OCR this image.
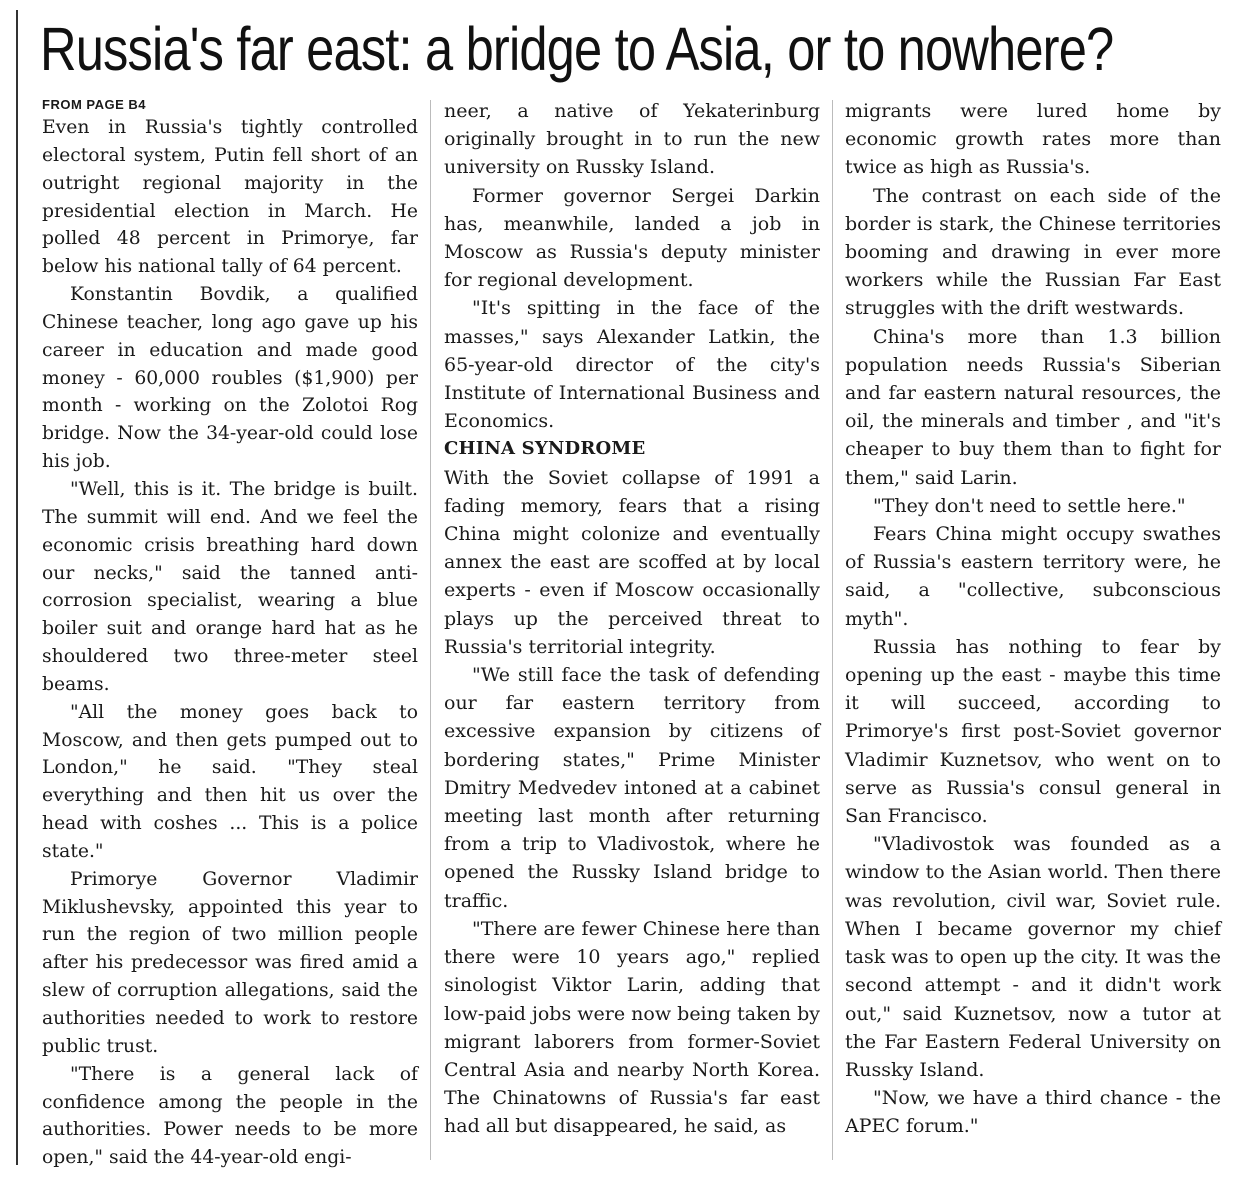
Russia's far east: a bridge to Asia, or to nowhere?
FROM PAGE B4

Even in Russia's tightly controlled electoral system, Putin fell short of an outright regional majority in the presidential election in March. He polled 48 percent in Primorye, far below his national tally of 64 percent.

Konstantin Bovdik, a qualified Chinese teacher, long ago gave up his career in education and made good money - 60,000 roubles ($1,900) per month - working on the Zolotoi Rog bridge. Now the 34-year-old could lose his job.

"Well, this is it. The bridge is built. The summit will end. And we feel the economic crisis breathing hard down our necks," said the tanned anti-corrosion specialist, wearing a blue boiler suit and orange hard hat as he shouldered two three-meter steel beams.

"All the money goes back to Moscow, and then gets pumped out to London," he said. "They steal everything and then hit us over the head with coshes ... This is a police state."

Primorye Governor Vladimir Miklushevsky, appointed this year to run the region of two million people after his predecessor was fired amid a slew of corruption allegations, said the authorities needed to work to restore public trust.

"There is a general lack of confidence among the people in the authorities. Power needs to be more open," said the 44-year-old engi-

neer, a native of Yekaterinburg originally brought in to run the new university on Russky Island.

Former governor Sergei Darkin has, meanwhile, landed a job in Moscow as Russia's deputy minister for regional development.

"It's spitting in the face of the masses," says Alexander Latkin, the 65-year-old director of the city's Institute of International Business and Economics.

CHINA SYNDROME

With the Soviet collapse of 1991 a fading memory, fears that a rising China might colonize and eventually annex the east are scoffed at by local experts - even if Moscow occasionally plays up the perceived threat to Russia's territorial integrity.

"We still face the task of defending our far eastern territory from excessive expansion by citizens of bordering states," Prime Minister Dmitry Medvedev intoned at a cabinet meeting last month after returning from a trip to Vladivostok, where he opened the Russky Island bridge to traffic.

"There are fewer Chinese here than there were 10 years ago," replied sinologist Viktor Larin, adding that low-paid jobs were now being taken by migrant laborers from former-Soviet Central Asia and nearby North Korea. The Chinatowns of Russia's far east had all but disappeared, he said, as

migrants were lured home by economic growth rates more than twice as high as Russia's.

The contrast on each side of the border is stark, the Chinese territories booming and drawing in ever more workers while the Russian Far East struggles with the drift westwards.

China's more than 1.3 billion population needs Russia's Siberian and far eastern natural resources, the oil, the minerals and timber , and "it's cheaper to buy them than to fight for them," said Larin.

"They don't need to settle here."

Fears China might occupy swathes of Russia's eastern territory were, he said, a "collective, subconscious myth".

Russia has nothing to fear by opening up the east - maybe this time it will succeed, according to Primorye's first post-Soviet governor Vladimir Kuznetsov, who went on to serve as Russia's consul general in San Francisco.

"Vladivostok was founded as a window to the Asian world. Then there was revolution, civil war, Soviet rule. When I became governor my chief task was to open up the city. It was the second attempt - and it didn't work out," said Kuznetsov, now a tutor at the Far Eastern Federal University on Russky Island.

"Now, we have a third chance - the APEC forum."
